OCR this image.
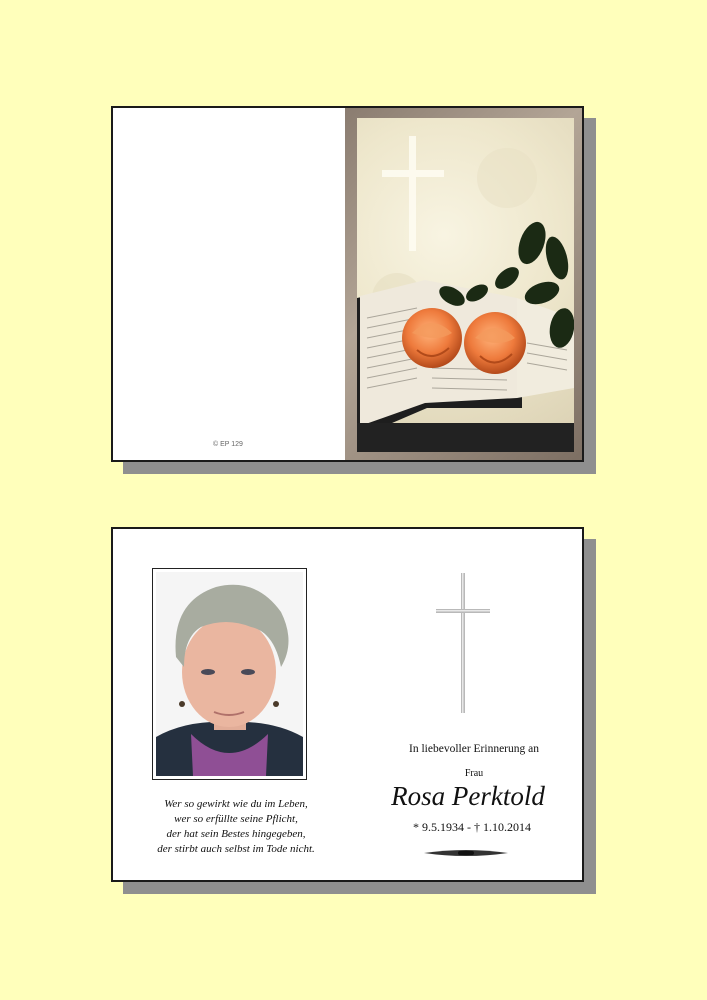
© EP 129
Wer so gewirkt wie du im Leben,
wer so erfüllte seine Pflicht,
der hat sein Bestes hingegeben,
der stirbt auch selbst im Tode nicht.
In liebevoller Erinnerung an
Frau
Rosa Perktold
* 9.5.1934 - † 1.10.2014
